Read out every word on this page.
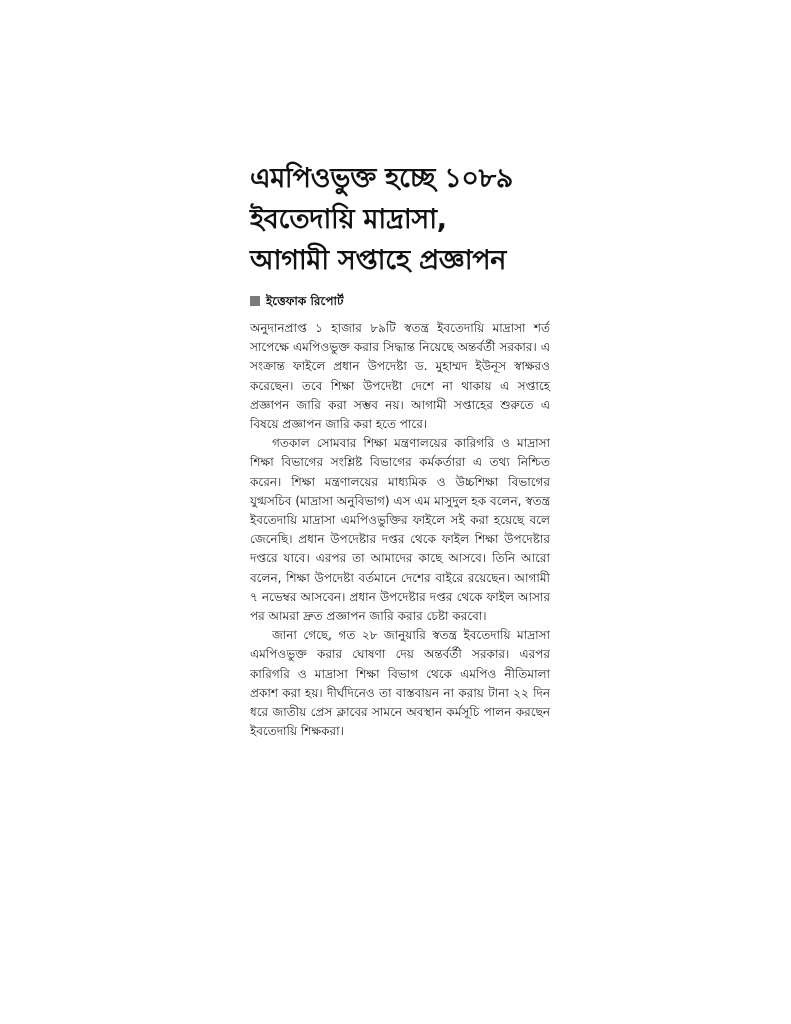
এমপিওভুক্ত হচ্ছে ১০৮৯
ইবতেদায়ি মাদ্রাসা,
আগামী সপ্তাহে প্রজ্ঞাপন
ইত্তেফাক রিপোর্ট

অনুদানপ্রাপ্ত ১ হাজার ৮৯টি স্বতন্ত্র ইবতেদায়ি মাদ্রাসা শর্ত সাপেক্ষে এমপিওভুক্ত করার সিদ্ধান্ত নিয়েছে অন্তর্বর্তী সরকার। এ সংক্রান্ত ফাইলে প্রধান উপদেষ্টা ড. মুহাম্মদ ইউনূস স্বাক্ষরও করেছেন। তবে শিক্ষা উপদেষ্টা দেশে না থাকায় এ সপ্তাহে প্রজ্ঞাপন জারি করা সম্ভব নয়। আগামী সপ্তাহের শুরুতে এ বিষয়ে প্রজ্ঞাপন জারি করা হতে পারে।

গতকাল সোমবার শিক্ষা মন্ত্রণালয়ের কারিগরি ও মাদ্রাসা শিক্ষা বিভাগের সংশ্লিষ্ট বিভাগের কর্মকর্তারা এ তথ্য নিশ্চিত করেন। শিক্ষা মন্ত্রণালয়ের মাধ্যমিক ও উচ্চশিক্ষা বিভাগের যুগ্মসচিব (মাদ্রাসা অনুবিভাগ) এস এম মাসুদুল হক বলেন, স্বতন্ত্র ইবতেদায়ি মাদ্রাসা এমপিওভুক্তির ফাইলে সই করা হয়েছে বলে জেনেছি। প্রধান উপদেষ্টার দপ্তর থেকে ফাইল শিক্ষা উপদেষ্টার দপ্তরে যাবে। এরপর তা আমাদের কাছে আসবে। তিনি আরো বলেন, শিক্ষা উপদেষ্টা বর্তমানে দেশের বাইরে রয়েছেন। আগামী ৭ নভেম্বর আসবেন। প্রধান উপদেষ্টার দপ্তর থেকে ফাইল আসার পর আমরা দ্রুত প্রজ্ঞাপন জারি করার চেষ্টা করবো।

জানা গেছে, গত ২৮ জানুয়ারি স্বতন্ত্র ইবতেদায়ি মাদ্রাসা এমপিওভুক্ত করার ঘোষণা দেয় অন্তর্বর্তী সরকার। এরপর কারিগরি ও মাদ্রাসা শিক্ষা বিভাগ থেকে এমপিও নীতিমালা প্রকাশ করা হয়। দীর্ঘদিনেও তা বাস্তবায়ন না করায় টানা ২২ দিন ধরে জাতীয় প্রেস ক্লাবের সামনে অবস্থান কর্মসূচি পালন করছেন ইবতেদায়ি শিক্ষকরা।
